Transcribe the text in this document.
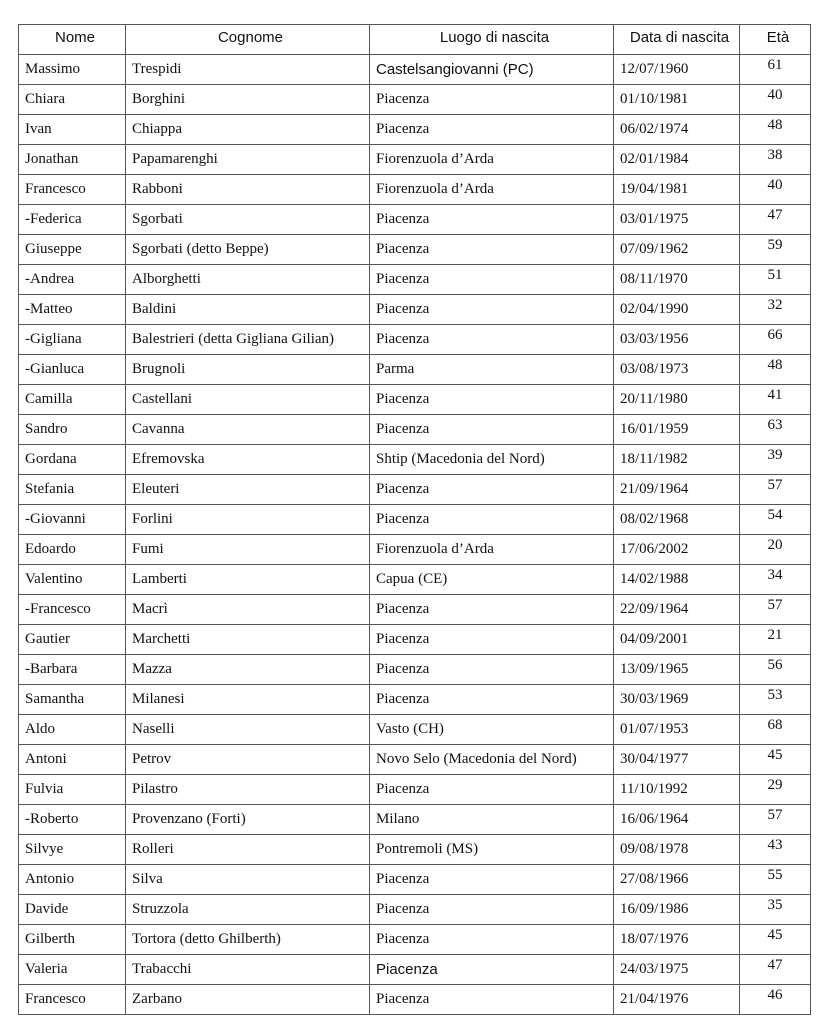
Nome	Cognome	Luogo di nascita	Data di nascita	Età
Massimo	Trespidi	Castelsangiovanni (PC)	12/07/1960	61
Chiara	Borghini	Piacenza	01/10/1981	40
Ivan	Chiappa	Piacenza	06/02/1974	48
Jonathan	Papamarenghi	Fiorenzuola d’Arda	02/01/1984	38
Francesco	Rabboni	Fiorenzuola d’Arda	19/04/1981	40
-Federica	Sgorbati	Piacenza	03/01/1975	47
Giuseppe	Sgorbati (detto Beppe)	Piacenza	07/09/1962	59
-Andrea	Alborghetti	Piacenza	08/11/1970	51
-Matteo	Baldini	Piacenza	02/04/1990	32
-Gigliana	Balestrieri (detta Gigliana Gilian)	Piacenza	03/03/1956	66
-Gianluca	Brugnoli	Parma	03/08/1973	48
Camilla	Castellani	Piacenza	20/11/1980	41
Sandro	Cavanna	Piacenza	16/01/1959	63
Gordana	Efremovska	Shtip (Macedonia del Nord)	18/11/1982	39
Stefania	Eleuteri	Piacenza	21/09/1964	57
-Giovanni	Forlini	Piacenza	08/02/1968	54
Edoardo	Fumi	Fiorenzuola d’Arda	17/06/2002	20
Valentino	Lamberti	Capua (CE)	14/02/1988	34
-Francesco	Macrì	Piacenza	22/09/1964	57
Gautier	Marchetti	Piacenza	04/09/2001	21
-Barbara	Mazza	Piacenza	13/09/1965	56
Samantha	Milanesi	Piacenza	30/03/1969	53
Aldo	Naselli	Vasto (CH)	01/07/1953	68
Antoni	Petrov	Novo Selo (Macedonia del Nord)	30/04/1977	45
Fulvia	Pilastro	Piacenza	11/10/1992	29
-Roberto	Provenzano (Forti)	Milano	16/06/1964	57
Silvye	Rolleri	Pontremoli (MS)	09/08/1978	43
Antonio	Silva	Piacenza	27/08/1966	55
Davide	Struzzola	Piacenza	16/09/1986	35
Gilberth	Tortora (detto Ghilberth)	Piacenza	18/07/1976	45
Valeria	Trabacchi	Piacenza	24/03/1975	47
Francesco	Zarbano	Piacenza	21/04/1976	46
